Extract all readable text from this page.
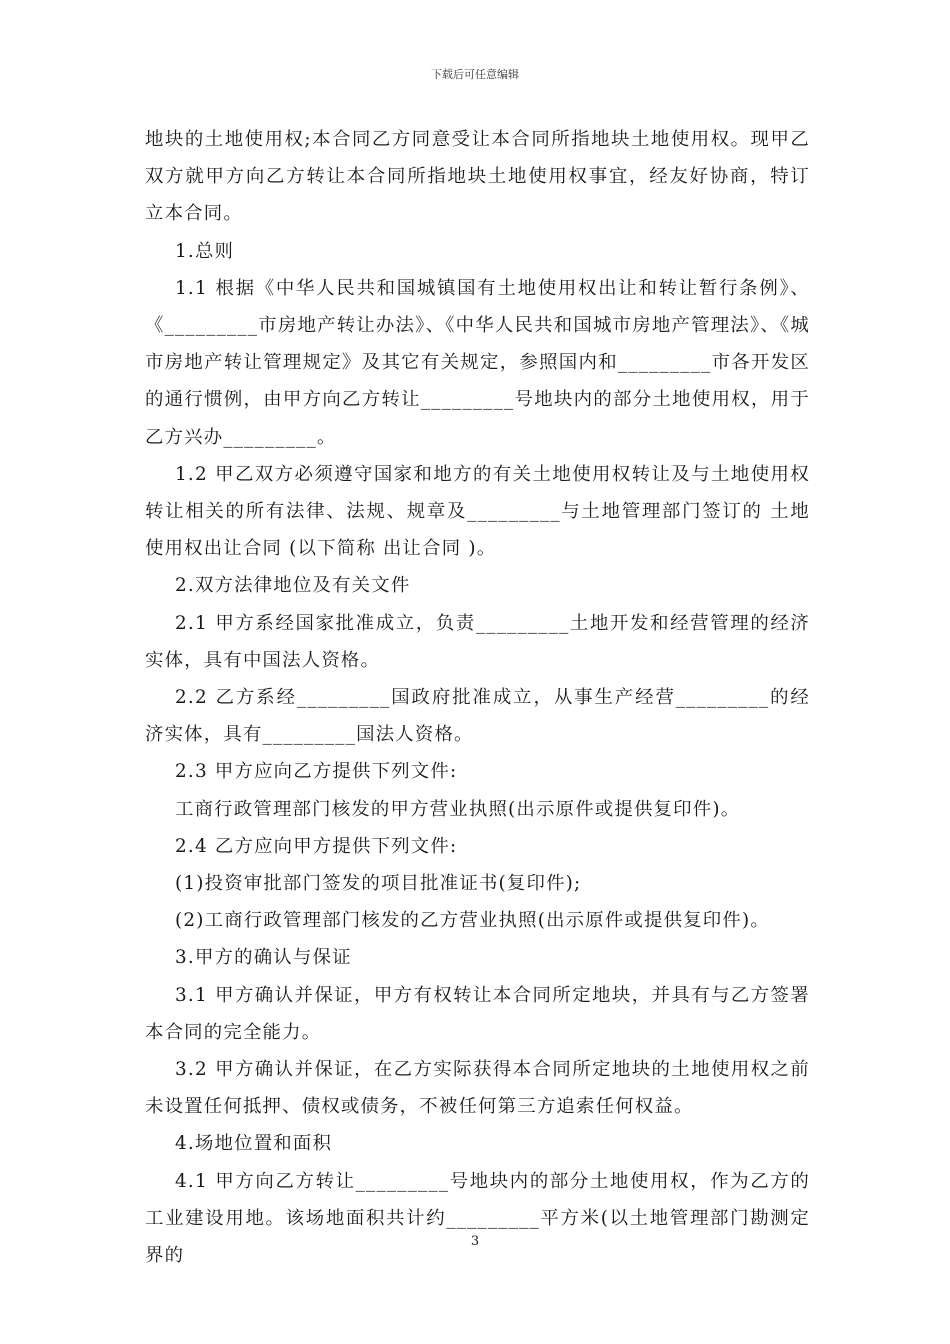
下载后可任意编辑

地块的土地使用权;本合同乙方同意受让本合同所指地块土地使用权。现甲乙双方就甲方向乙方转让本合同所指地块土地使用权事宜，经友好协商，特订立本合同。

1.总则

1.1 根据《中华人民共和国城镇国有土地使用权出让和转让暂行条例》、《_________市房地产转让办法》、《中华人民共和国城市房地产管理法》、《城市房地产转让管理规定》及其它有关规定，参照国内和_________市各开发区的通行惯例，由甲方向乙方转让_________号地块内的部分土地使用权，用于乙方兴办_________。

1.2 甲乙双方必须遵守国家和地方的有关土地使用权转让及与土地使用权转让相关的所有法律、法规、规章及_________与土地管理部门签订的 土地使用权出让合同 (以下简称 出让合同 )。

2.双方法律地位及有关文件

2.1 甲方系经国家批准成立，负责_________土地开发和经营管理的经济实体，具有中国法人资格。

2.2 乙方系经_________国政府批准成立，从事生产经营_________的经济实体，具有_________国法人资格。

2.3 甲方应向乙方提供下列文件:

工商行政管理部门核发的甲方营业执照(出示原件或提供复印件)。

2.4 乙方应向甲方提供下列文件:

(1)投资审批部门签发的项目批准证书(复印件);

(2)工商行政管理部门核发的乙方营业执照(出示原件或提供复印件)。

3.甲方的确认与保证

3.1 甲方确认并保证，甲方有权转让本合同所定地块，并具有与乙方签署本合同的完全能力。

3.2 甲方确认并保证，在乙方实际获得本合同所定地块的土地使用权之前未设置任何抵押、债权或债务，不被任何第三方追索任何权益。

4.场地位置和面积

4.1 甲方向乙方转让_________号地块内的部分土地使用权，作为乙方的工业建设用地。该场地面积共计约_________平方米(以土地管理部门勘测定界的

3
